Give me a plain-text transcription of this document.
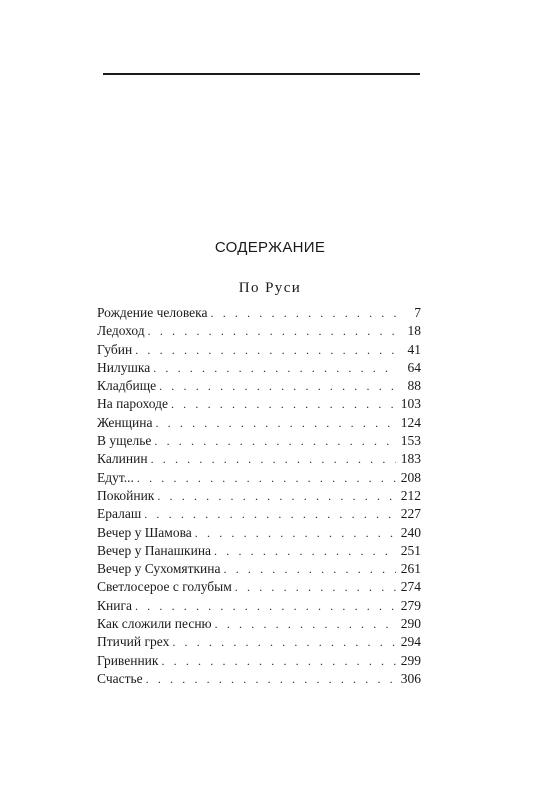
СОДЕРЖАНИЕ
По Руси
Рождение человека . . .	7
Ледоход . . .	18
Губин . . .	41
Нилушка . . .	64
Кладбище . . .	88
На пароходе . . .	103
Женщина . . .	124
В ущелье . . .	153
Калинин . . .	183
Едут... . . .	208
Покойник . . .	212
Ералаш . . .	227
Вечер у Шамова . . .	240
Вечер у Панашкина . . .	251
Вечер у Сухомяткина . . .	261
Светлосерое с голубым . . .	274
Книга . . .	279
Как сложили песню . . .	290
Птичий грех . . .	294
Гривенник . . .	299
Счастье . . .	306
